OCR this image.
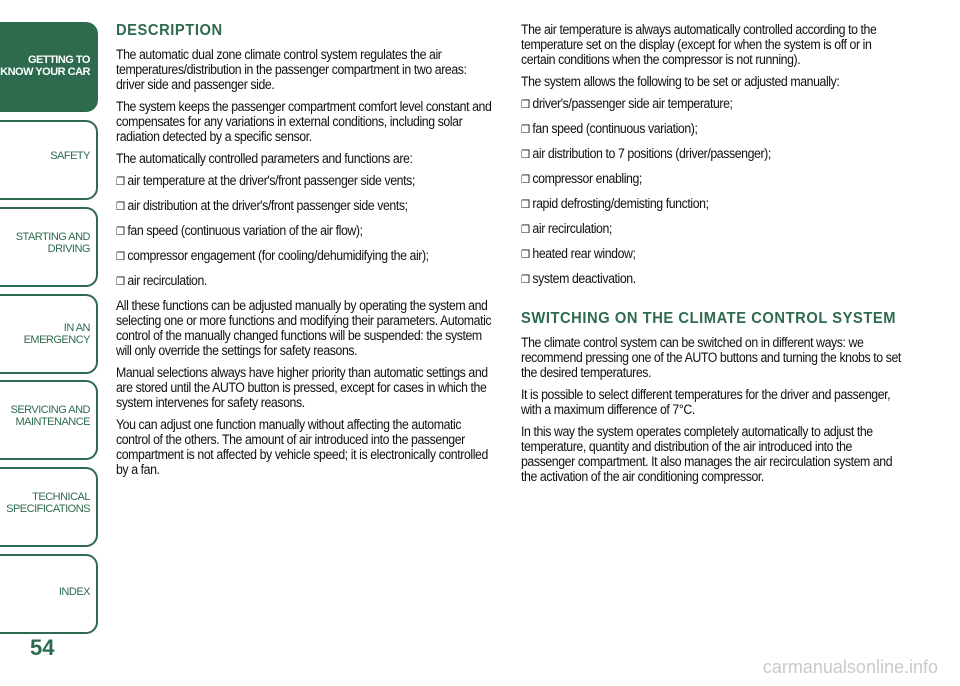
GETTING TO
KNOW YOUR CAR
SAFETY
STARTING AND
DRIVING
IN AN EMERGENCY
SERVICING AND
MAINTENANCE
TECHNICAL
SPECIFICATIONS
INDEX
54
DESCRIPTION

The automatic dual zone climate control system regulates the air temperatures/distribution in the passenger compartment in two areas: driver side and passenger side.

The system keeps the passenger compartment comfort level constant and compensates for any variations in external conditions, including solar radiation detected by a specific sensor.

The automatically controlled parameters and functions are:

❒ air temperature at the driver's/front passenger side vents;
❒ air distribution at the driver's/front passenger side vents;
❒ fan speed (continuous variation of the air flow);
❒ compressor engagement (for cooling/dehumidifying the air);
❒ air recirculation.

All these functions can be adjusted manually by operating the system and selecting one or more functions and modifying their parameters. Automatic control of the manually changed functions will be suspended: the system will only override the settings for safety reasons.

Manual selections always have higher priority than automatic settings and are stored until the AUTO button is pressed, except for cases in which the system intervenes for safety reasons.

You can adjust one function manually without affecting the automatic control of the others. The amount of air introduced into the passenger compartment is not affected by vehicle speed; it is electronically controlled by a fan.

The air temperature is always automatically controlled according to the temperature set on the display (except for when the system is off or in certain conditions when the compressor is not running).

The system allows the following to be set or adjusted manually:

❒ driver's/passenger side air temperature;
❒ fan speed (continuous variation);
❒ air distribution to 7 positions (driver/passenger);
❒ compressor enabling;
❒ rapid defrosting/demisting function;
❒ air recirculation;
❒ heated rear window;
❒ system deactivation.
SWITCHING ON THE CLIMATE CONTROL SYSTEM

The climate control system can be switched on in different ways: we recommend pressing one of the AUTO buttons and turning the knobs to set the desired temperatures.

It is possible to select different temperatures for the driver and passenger, with a maximum difference of 7°C.

In this way the system operates completely automatically to adjust the temperature, quantity and distribution of the air introduced into the passenger compartment. It also manages the air recirculation system and the activation of the air conditioning compressor.

carmanualsonline.info
